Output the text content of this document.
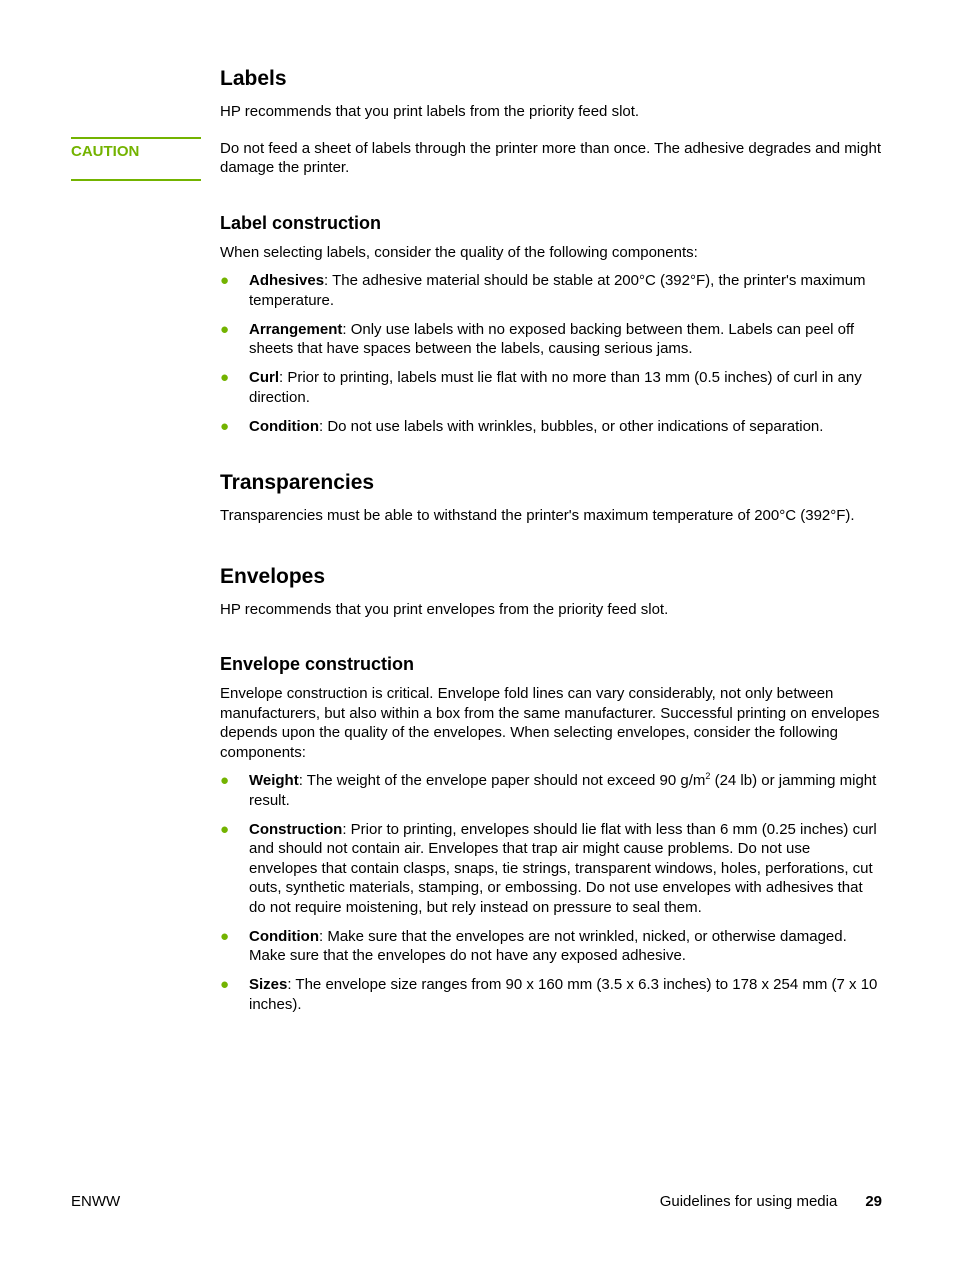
CAUTION
Labels

HP recommends that you print labels from the priority feed slot.

Do not feed a sheet of labels through the printer more than once. The adhesive degrades and might damage the printer.

Label construction

When selecting labels, consider the quality of the following components:

● Adhesives: The adhesive material should be stable at 200°C (392°F), the printer's maximum temperature.
● Arrangement: Only use labels with no exposed backing between them. Labels can peel off sheets that have spaces between the labels, causing serious jams.
● Curl: Prior to printing, labels must lie flat with no more than 13 mm (0.5 inches) of curl in any direction.
● Condition: Do not use labels with wrinkles, bubbles, or other indications of separation.
Transparencies

Transparencies must be able to withstand the printer's maximum temperature of 200°C (392°F).

Envelopes

HP recommends that you print envelopes from the priority feed slot.

Envelope construction

Envelope construction is critical. Envelope fold lines can vary considerably, not only between manufacturers, but also within a box from the same manufacturer. Successful printing on envelopes depends upon the quality of the envelopes. When selecting envelopes, consider the following components:

● Weight: The weight of the envelope paper should not exceed 90 $g/m^2$ (24 lb) or jamming might result.
● Construction: Prior to printing, envelopes should lie flat with less than 6 mm (0.25 inches) curl and should not contain air. Envelopes that trap air might cause problems. Do not use envelopes that contain clasps, snaps, tie strings, transparent windows, holes, perforations, cut outs, synthetic materials, stamping, or embossing. Do not use envelopes with adhesives that do not require moistening, but rely instead on pressure to seal them.
● Condition: Make sure that the envelopes are not wrinkled, nicked, or otherwise damaged. Make sure that the envelopes do not have any exposed adhesive.
● Sizes: The envelope size ranges from 90 x 160 mm (3.5 x 6.3 inches) to 178 x 254 mm (7 x 10 inches).
ENWW	Guidelines for using media 29
